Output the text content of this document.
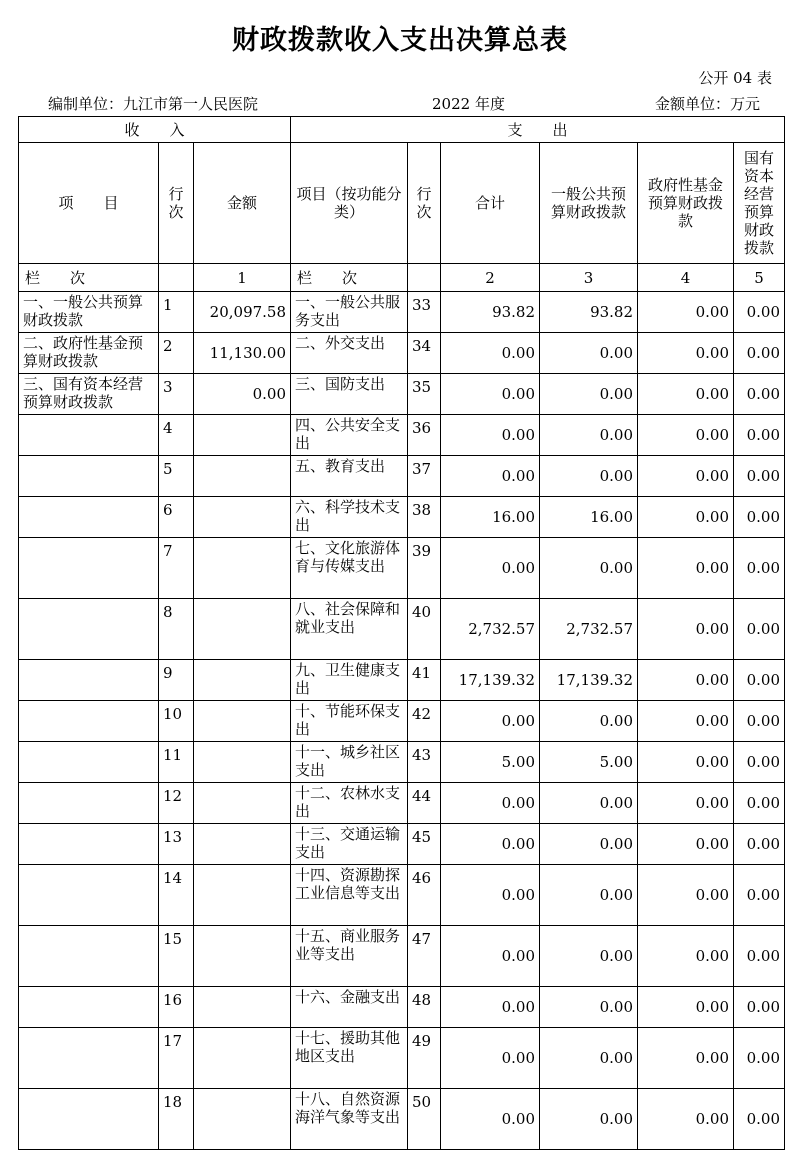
财政拨款收入支出决算总表
公开 04 表
编制单位：九江市第一人民医院	2022 年度	金额单位：万元
收　　入			支　　出					
项　　目	行次	金额	项目（按功能分类）	行次	合计	一般公共预算财政拨款	政府性基金预算财政拨款	国有资本经营预算财政拨款
栏　　次		1	栏　　次		2	3	4	5
一、一般公共预算财政拨款	1	20,097.58	一、一般公共服务支出	33	93.82	93.82	0.00	0.00
二、政府性基金预算财政拨款	2	11,130.00	二、外交支出	34	0.00	0.00	0.00	0.00
三、国有资本经营预算财政拨款	3	0.00	三、国防支出	35	0.00	0.00	0.00	0.00
	4		四、公共安全支出	36	0.00	0.00	0.00	0.00
	5		五、教育支出	37	0.00	0.00	0.00	0.00
	6		六、科学技术支出	38	16.00	16.00	0.00	0.00
	7		七、文化旅游体育与传媒支出	39	0.00	0.00	0.00	0.00
	8		八、社会保障和就业支出	40	2,732.57	2,732.57	0.00	0.00
	9		九、卫生健康支出	41	17,139.32	17,139.32	0.00	0.00
	10		十、节能环保支出	42	0.00	0.00	0.00	0.00
	11		十一、城乡社区支出	43	5.00	5.00	0.00	0.00
	12		十二、农林水支出	44	0.00	0.00	0.00	0.00
	13		十三、交通运输支出	45	0.00	0.00	0.00	0.00
	14		十四、资源勘探工业信息等支出	46	0.00	0.00	0.00	0.00
	15		十五、商业服务业等支出	47	0.00	0.00	0.00	0.00
	16		十六、金融支出	48	0.00	0.00	0.00	0.00
	17		十七、援助其他地区支出	49	0.00	0.00	0.00	0.00
	18		十八、自然资源海洋气象等支出	50	0.00	0.00	0.00	0.00
